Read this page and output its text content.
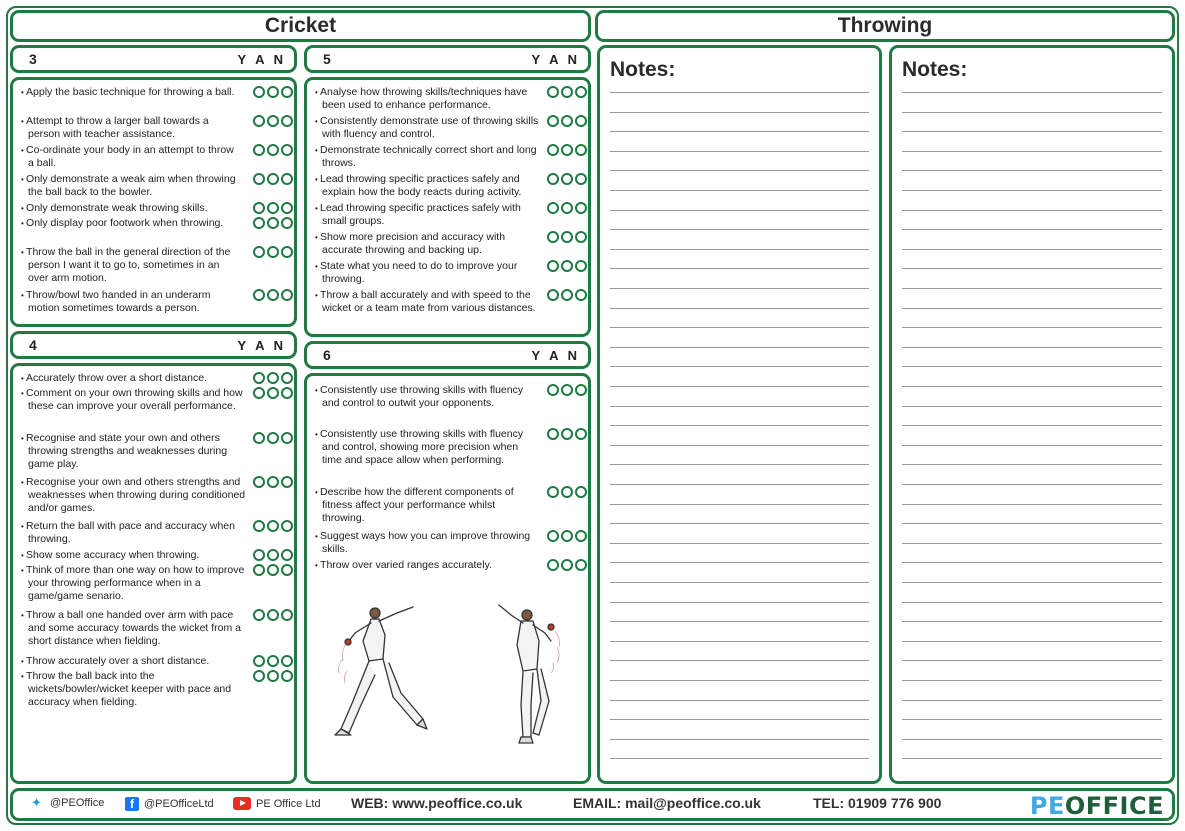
Cricket	Throwing
3	Y A N
• Apply the basic technique for throwing a ball.
• Attempt to throw a larger ball towards a person with teacher assistance.
• Co-ordinate your body in an attempt to throw a ball.
• Only demonstrate a weak aim when throwing the ball back to the bowler.
• Only demonstrate weak throwing skills.
• Only display poor footwork when throwing.
• Throw the ball in the general direction of the person I want it to go to, sometimes in an over arm motion.
• Throw/bowl two handed in an underarm motion sometimes towards a person.
4	Y A N
• Accurately throw over a short distance.
• Comment on your own throwing skills and how these can improve your overall performance.
• Recognise and state your own and others throwing strengths and weaknesses during game play.
• Recognise your own and others strengths and weaknesses when throwing during conditioned and/or games.
• Return the ball with pace and accuracy when throwing.
• Show some accuracy when throwing.
• Think of more than one way on how to improve your throwing performance when in a game/game senario.
• Throw a ball one handed over arm with pace and some accuracy towards the wicket from a short distance when fielding.
• Throw accurately over a short distance.
• Throw the ball back into the wickets/bowler/wicket keeper with pace and accuracy when fielding.
5	Y A N
• Analyse how throwing skills/techniques have been used to enhance performance.
• Consistently demonstrate use of throwing skills with fluency and control.
• Demonstrate technically correct short and long throws.
• Lead throwing specific practices safely and explain how the body reacts during activity.
• Lead throwing specific practices safely with small groups.
• Show more precision and accuracy with accurate throwing and backing up.
• State what you need to do to improve your throwing.
• Throw a ball accurately and with speed to the wicket or a team mate from various distances.
6	Y A N
• Consistently use throwing skills with fluency and control to outwit your opponents.
• Consistently use throwing skills with fluency and control, showing more precision when time and space allow when performing.
• Describe how the different components of fitness affect your performance whilst throwing.
• Suggest ways how you can improve throwing skills.
• Throw over varied ranges accurately.
Notes:	Notes:
✦ @PEOffice	f @PEOfficeLtd	PE Office Ltd WEB: www.peoffice.co.uk	EMAIL: mail@peoffice.co.uk	TEL: 01909 776 900	PEOFFICE
